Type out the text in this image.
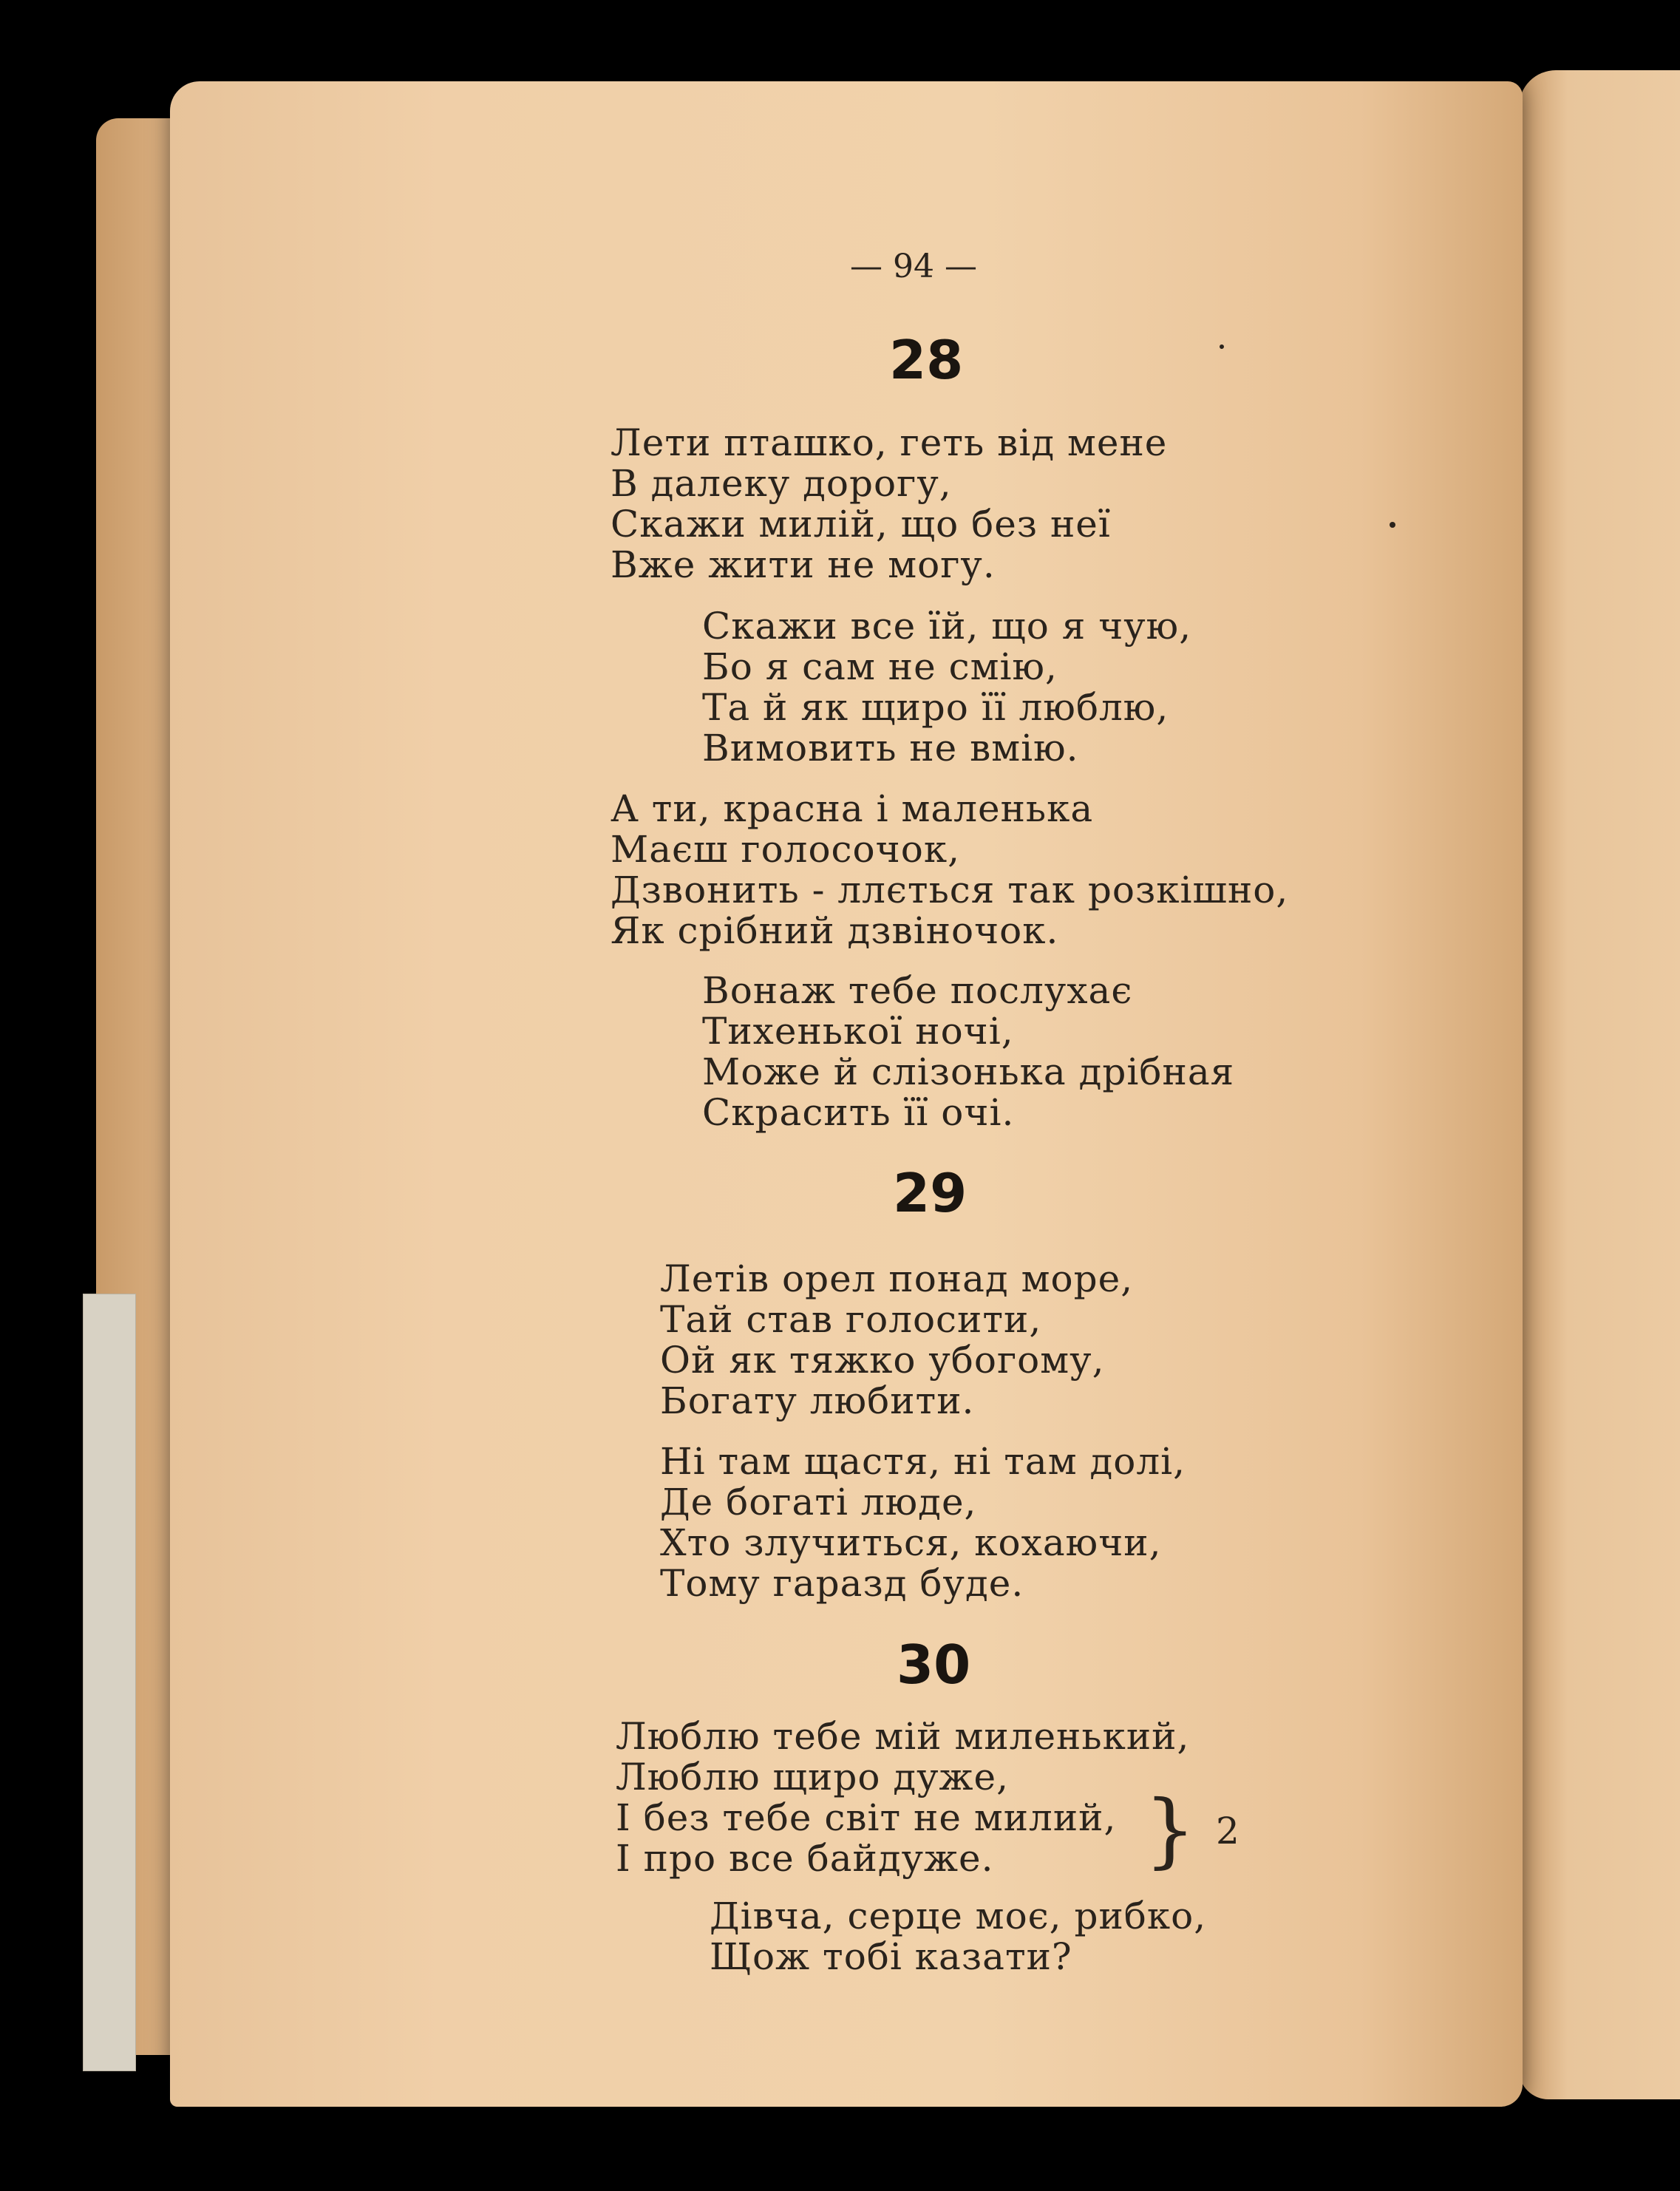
— 94 —
28
Лети пташко, геть від мене
В далеку дорогу,
Скажи милій, що без неї
Вже жити не могу.
Скажи все їй, що я чую,
Бо я сам не смію,
Та й як щиро її люблю,
Вимовить не вмію.
А ти, красна і маленька
Маєш голосочок,
Дзвонить - ллється так розкішно,
Як срібний дзвіночок.
Вонаж тебе послухає
Тихенької ночі,
Може й слізонька дрібная
Скрасить її очі.
29
Летів орел понад море,
Тай став голосити,
Ой як тяжко убогому,
Богату любити.
Ні там щастя, ні там долі,
Де богаті люде,
Хто злучиться, кохаючи,
Тому гаразд буде.
30
Люблю тебе мій миленький,
Люблю щиро дуже,
І без тебе світ не милий,
І про все байдуже.	} 2
Дівча, серце моє, рибко,
Щож тобі казати?
